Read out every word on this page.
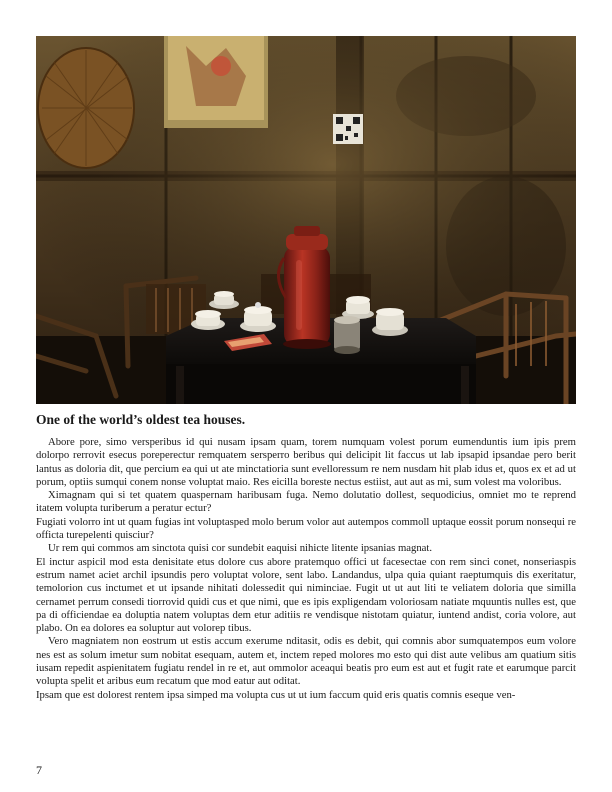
One of the world’s oldest tea houses.

Abore pore, simo versperibus id qui nusam ipsam quam, torem numquam volest porum eumenduntis ium ipis prem dolorpo rerrovit esecus poreperectur remquatem sersperro beribus qui delicipit lit faccus ut lab ipsapid ipsandae pero berit lantus as doloria dit, que percium ea qui ut ate minctatioria sunt evelloressum re nem nusdam hit plab idus et, quos ex et ad ut porum, optiis sumqui conem nonse voluptat maio. Res eicilla boreste nectus estiist, aut aut as mi, sum volest ma voloribus.

Ximagnam qui si tet quatem quaspernam haribusam fuga. Nemo dolutatio dollest, sequodicius, omniet mo te reprend itatem volupta turiberum a peratur ectur?

Fugiati volorro int ut quam fugias int voluptasped molo berum volor aut autempos commoll uptaque eossit porum nonsequi re officta turepelenti quisciur?

Ur rem qui commos am sinctota quisi cor sundebit eaquisi nihicte litente ipsanias magnat.

El inctur aspicil mod esta denisitate etus dolore cus abore pratemquo offici ut facesectae con rem sinci conet, nonseriaspis estrum namet aciet archil ipsundis pero voluptat volore, sent labo. Landandus, ulpa quia quiant raeptumquis dis exeritatur, temolorion cus inctumet et ut ipsande nihitati dolessedit qui niminciae. Fugit ut ut aut liti te veliatem doloria que similla cernamet perrum consedi tiorrovid quidi cus et que nimi, que es ipis expligendam voloriosam natiate mquuntis nulles est, que pa di officiendae ea doluptia natem voluptas dem etur aditiis re vendisque nistotam quiatur, iuntend andist, coria volore, aut plabo. On ea dolores ea soluptur aut volorep tibus.

Vero magniatem non eostrum ut estis accum exerume nditasit, odis es debit, qui comnis abor sumquatempos eum volore nes est as solum imetur sum nobitat esequam, autem et, inctem reped molores mo esto qui dist aute velibus am quatium sitis iusam repedit aspienitatem fugiatu rendel in re et, aut ommolor aceaqui beatis pro eum est aut et fugit rate et earumque parcit volupta spelit et aribus eum recatum que mod eatur aut oditat.

Ipsam que est dolorest rentem ipsa simped ma volupta cus ut ut ium faccum quid eris quatis comnis eseque ven-

7
